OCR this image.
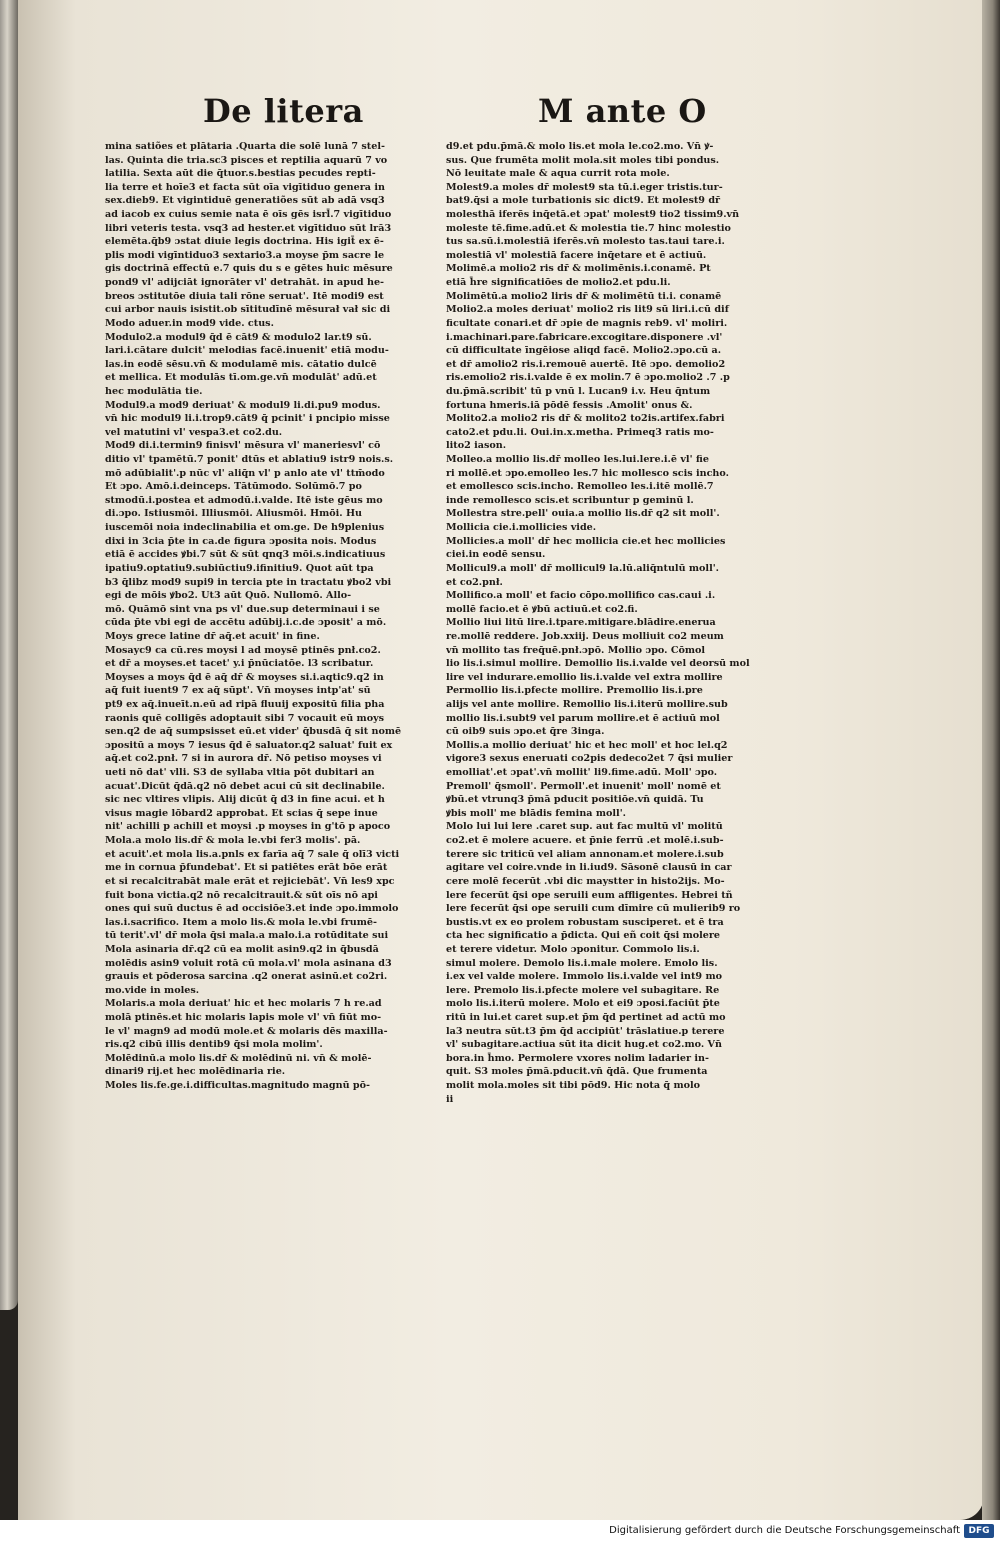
De litera	M ante O
mina satiões et plātaria .Quarta die solē lunā 7 stel-
las. Quinta die tria.sc3 pisces et reptilia aquarū 7 vo
latilia. Sexta aūt die q̄tuor.s.bestias pecudes repti-
lia terre et hoīe3 et facta sūt oīa vigītiduo genera in
sex.dieb9. Et vigintiduē generatiões sūt ab adā vsq3
ad iacob ex cuius semie nata ē oīs gēs isrl̄.7 vigītiduo
libri veteris testa. vsq3 ad hester.et vigītiduo sūt lrā3
elemēta.q̄b9 ɔstat diuie legis doctrina. His igit̄ ex ē-
plis modi vigīntiduo3 sextario3.a moyse p̄m sacre le
gis doctrinā effectū e.7 quis du s e gētes huic mēsure
pond9 vl' adijciāt ignorāter vl' detrahāt. in apud he-
breos ɔstitutōe diuia tali rōne seruat'. Itē modi9 est
cui arbor nauis isistit.ob sītitudīnē mēsurał vał sic di
Modo aduer.in mod9 vide. ctus.
Modulo2.a modul9 q̄d ē cāt9 & modulo2 lar.t9 sū.
lari.i.cātare dulcit' melodias facē.inuenit' etiā modu-
las.in eodē sēsu.vn̄ & modulamē mis. cātatio dulcē
et mellica. Et modulās tī.om.ge.vn̄ modulāt' adū.et
hec modulātia tie.
Modul9.a mod9 deriuat' & modul9 li.di.pu9 modus.
vn̄ hic modul9 li.i.trop9.cāt9 q̄ pcinit' i pncipio misse
vel matutini vl' vespa3.et co2.du.
Mod9 di.i.termin9 finisvl' mēsura vl' maneriesvl' cō
ditio vl' tpamētū.7 ponit' dtūs et ablatiu9 istr9 nois.s.
mō adūbialit'.p nūc vl' aliq̄n vl' p anlo ate vl' ttm̄odo
Et ɔpo. Amō.i.deinceps. Tātūmodo. Solūmō.7 po
stmodū.i.postea et admodū.i.valde. Itē iste gēus mo
di.ɔpo. Istiusmōi. Illiusmōi. Aliusmōi. Hmōi. Hu
iuscemōi noia indeclinabilia et om.ge. De h9plenius
dixi in 3cia p̄te in ca.de figura ɔposita nois. Modus
etiā ē accides ꝟbi.7 sūt & sūt qnq3 mōi.s.indicatiuus
ipatiu9.optatiu9.subiūctiu9.ifinitiu9. Quot aūt tpa
b3 q̄libz mod9 supi9 in tercia pte in tractatu ꝟbo2 vbi
egi de mōis ꝟbo2. Ut3 aūt Quō. Nullomō. Allo-
mō. Quāmō sint vna ps vl' due.sup determinaui i se
cūda p̄te vbi egi de accētu adūbij.i.c.de ɔposit' a mō.
Moys grece latine dr̄ aq̄.et acuit' in fine.
Mosayc9 ca cū.res moysi l ad moysē ptinēs pnł.co2.
et dr̄ a moyses.et tacet' y.i p̄nūciatōe. l3 scribatur.
Moyses a moys q̄d ē aq̄ dr̄ & moyses si.i.aqtic9.q2 in
aq̄ fuit iuent9 7 ex aq̄ sūpt'. Vn̄ moyses intp'at' sū
pt9 ex aq̄.inueīt.n.eū ad ripā fluuij expositū filia pha
raonis quē colligēs adoptauit sibi 7 vocauit eū moys
sen.q2 de aq̄ sumpsisset eū.et vider' q̄busdā q̄ sit nomē
ɔpositū a moys 7 iesus q̄d ē saluator.q2 saluat' fuit ex
aq̄.et co2.pnł. 7 si in aurora dr̄. Nō petiso moyses vi
ueti nō dat' vlli. S3 de syllaba vltia pōt dubitari an
acuat'.Dicūt q̄dā.q2 nō debet acui cū sit declinabile.
sic nec vltires vlipis. Alij dicūt q̄ d3 in fine acui. et h
visus magie lōbard2 approbat. Et scias q̄ sepe inue
nit' achilli p achill et moysi .p moyses in g'tō p apoco
Mola.a molo lis.dr̄ & mola le.vbi fer3 molis'. pā.
et acuit'.et mola lis.a.pnls ex farīa aq̄ 7 sale q̄ olī3 victi
me in cornua p̄fundebat'. Et si patiētes erāt bōe erāt
et si recalcitrabāt male erāt et rejiciebāt'. Vn̄ les9 xpc
fuit bona victia.q2 nō recalcitrauit.& sūt oīs nō api
ones qui suū ductus ē ad occisiōe3.et inde ɔpo.immolo
las.i.sacrifico. Item a molo lis.& mola le.vbi frumē-
tū terit'.vl' dr̄ mola q̄si mala.a malo.i.a rotūditate sui
Mola asinaria dr̄.q2 cū ea molit asin9.q2 in q̄busdā
molēdis asin9 voluit rotā cū mola.vl' mola asinana d3
grauis et pōderosa sarcina .q2 onerat asinū.et co2ri.
mo.vide in moles.
Molaris.a mola deriuat' hic et hec molaris 7 h re.ad
molā ptinēs.et hic molaris lapis mole vl' vn̄ fiūt mo-
le vl' magn9 ad modū mole.et & molaris dēs maxilla-
ris.q2 cibū illis dentib9 q̄si mola molim'.
Molēdinū.a molo lis.dr̄ & molēdinū ni. vn̄ & molē-
dinari9 rij.et hec molēdinaria rie.
Moles lis.fe.ge.i.difficultas.magnitudo magnū pō-
d9.et pdu.p̄mā.& molo lis.et mola le.co2.mo. Vn̄ ꝟ-
sus. Que frumēta molit mola.sit moles tibi pondus.
Nō leuitate male & aqua currit rota mole.
Molest9.a moles dr̄ molest9 sta tū.i.eger tristis.tur-
bat9.q̄si a mole turbationis sic dict9. Et molest9 dr̄
molesthā iferēs inq̄etā.et ɔpat' molest9 tio2 tissim9.vn̄
moleste tē.fime.adū.et & molestia tie.7 hinc molestio
tus sa.sū.i.molestiā iferēs.vn̄ molesto tas.taui tare.i.
molestiā vl' molestiā facere inq̄etare et ē actiuū.
Molimē.a molio2 ris dr̄ & molimēnis.i.conamē. Pt
etiā h̄re significatiōes de molio2.et pdu.li.
Molimētū.a molio2 liris dr̄ & molimētū ti.i. conamē
Molio2.a moles deriuat' molio2 ris lit9 sū liri.i.cū dif
ficultate conari.et dr̄ ɔpie de magnis reb9. vl' moliri.
i.machinari.pare.fabricare.excogitare.disponere .vl'
cū difficultate īngēiose aliqd facē. Molio2.ɔpo.cū a.
et dr̄ amolio2 ris.i.remouē auertē. Itē ɔpo. demolio2
ris.emolio2 ris.i.valde ē ex molin.7 ē ɔpo.molio2 .7 .p
du.p̄mā.scribit' tū p vnū l. Lucan9 i.v. Heu q̄ntum
fortuna hmeris.iā pōdē fessis .Amolit' onus &.
Molito2.a molio2 ris dr̄ & molito2 to2is.artifex.fabri
cato2.et pdu.li. Oui.in.x.metha. Primeq3 ratis mo-
lito2 iason.
Molleo.a mollio lis.dr̄ molleo les.lui.lere.i.ē vl' fie
ri mollē.et ɔpo.emolleo les.7 hic mollesco scis incho.
et emollesco scis.incho. Remolleo les.i.itē mollē.7
inde remollesco scis.et scribuntur p geminū l.
Mollestra stre.pell' ouia.a mollio lis.dr̄ q2 sit moll'.
Mollicia cie.i.mollicies vide.
Mollicies.a moll' dr̄ hec mollicia cie.et hec mollicies
ciei.in eodē sensu.
Mollicul9.a moll' dr̄ mollicul9 la.lū.aliq̄ntulū moll'.
et co2.pnł.
Mollifico.a moll' et facio cōpo.mollifico cas.caui .i.
mollē facio.et ē ꝟbū actiuū.et co2.fi.
Mollio liui litū lire.i.tpare.mitigare.blādire.enerua
re.mollē reddere. Job.xxiij. Deus molliuit co2 meum
vn̄ mollito tas freq̄uē.pnł.ɔpō. Mollio ɔpo. Cōmol
lio lis.i.simul mollire. Demollio lis.i.valde vel deorsū mol
lire vel indurare.emollio lis.i.valde vel extra mollire
Permollio lis.i.pfecte mollire. Premollio lis.i.pre
alijs vel ante mollire. Remollio lis.i.iterū mollire.sub
mollio lis.i.subt9 vel parum mollire.et ē actiuū mol
cū oib9 suis ɔpo.et q̄re 3inga.
Mollis.a mollio deriuat' hic et hec moll' et hoc lel.q2
vigore3 sexus eneruati co2pis dedeco2et 7 q̄si mulier
emolliat'.et ɔpat'.vn̄ mollit' li9.fime.adū. Moll' ɔpo.
Premoll' q̄smoll'. Permoll'.et inuenit' moll' nomē et
ꝟbū.et vtrunq3 p̄mā pducit positiōe.vn̄ quidā. Tu
ꝟbis moll' me blādis femina moll'.
Molo lui lui lere .caret sup. aut fac multū vl' molitū
co2.et ē molere acuere. et p̄nie ferrū .et molē.i.sub-
terere sic triticū vel aliam annonam.et molere.i.sub
agitare vel coire.vnde in li.iud9. Sāsonē clausū in car
cere molē fecerūt .vbi dic maystter in histo2ijs. Mo-
lere fecerūt q̄si ope seruili eum affligentes. Hebrei tñ
lere fecerūt q̄si ope seruili cum dīmire cū mulierib9 ro
bustis.vt ex eo prolem robustam susciperet. et ē tra
cta hec significatio a p̄dicta. Qui eñ coit q̄si molere
et terere videtur. Molo ɔponitur. Commolo lis.i.
simul molere. Demolo lis.i.male molere. Emolo lis.
i.ex vel valde molere. Immolo lis.i.valde vel int9 mo
lere. Premolo lis.i.pfecte molere vel subagitare. Re
molo lis.i.iterū molere. Molo et ei9 ɔposi.faciūt p̄te
ritū in lui.et caret sup.et p̄m q̄d pertinet ad actū mo
la3 neutra sūt.t3 p̄m q̄d accipiūt' trāslatiue.p terere
vl' subagitare.actiua sūt ita dicit hug.et co2.mo. Vn̄
bora.in h̄mo. Permolere vxores nolim ladarier in-
quit. S3 moles p̄mā.pducit.vn̄ q̄dā. Que frumenta
molit mola.moles sit tibi pōd9. Hic nota q̄ molo
ii
Digitalisierung gefördert durch die Deutsche Forschungsgemeinschaft DFG
